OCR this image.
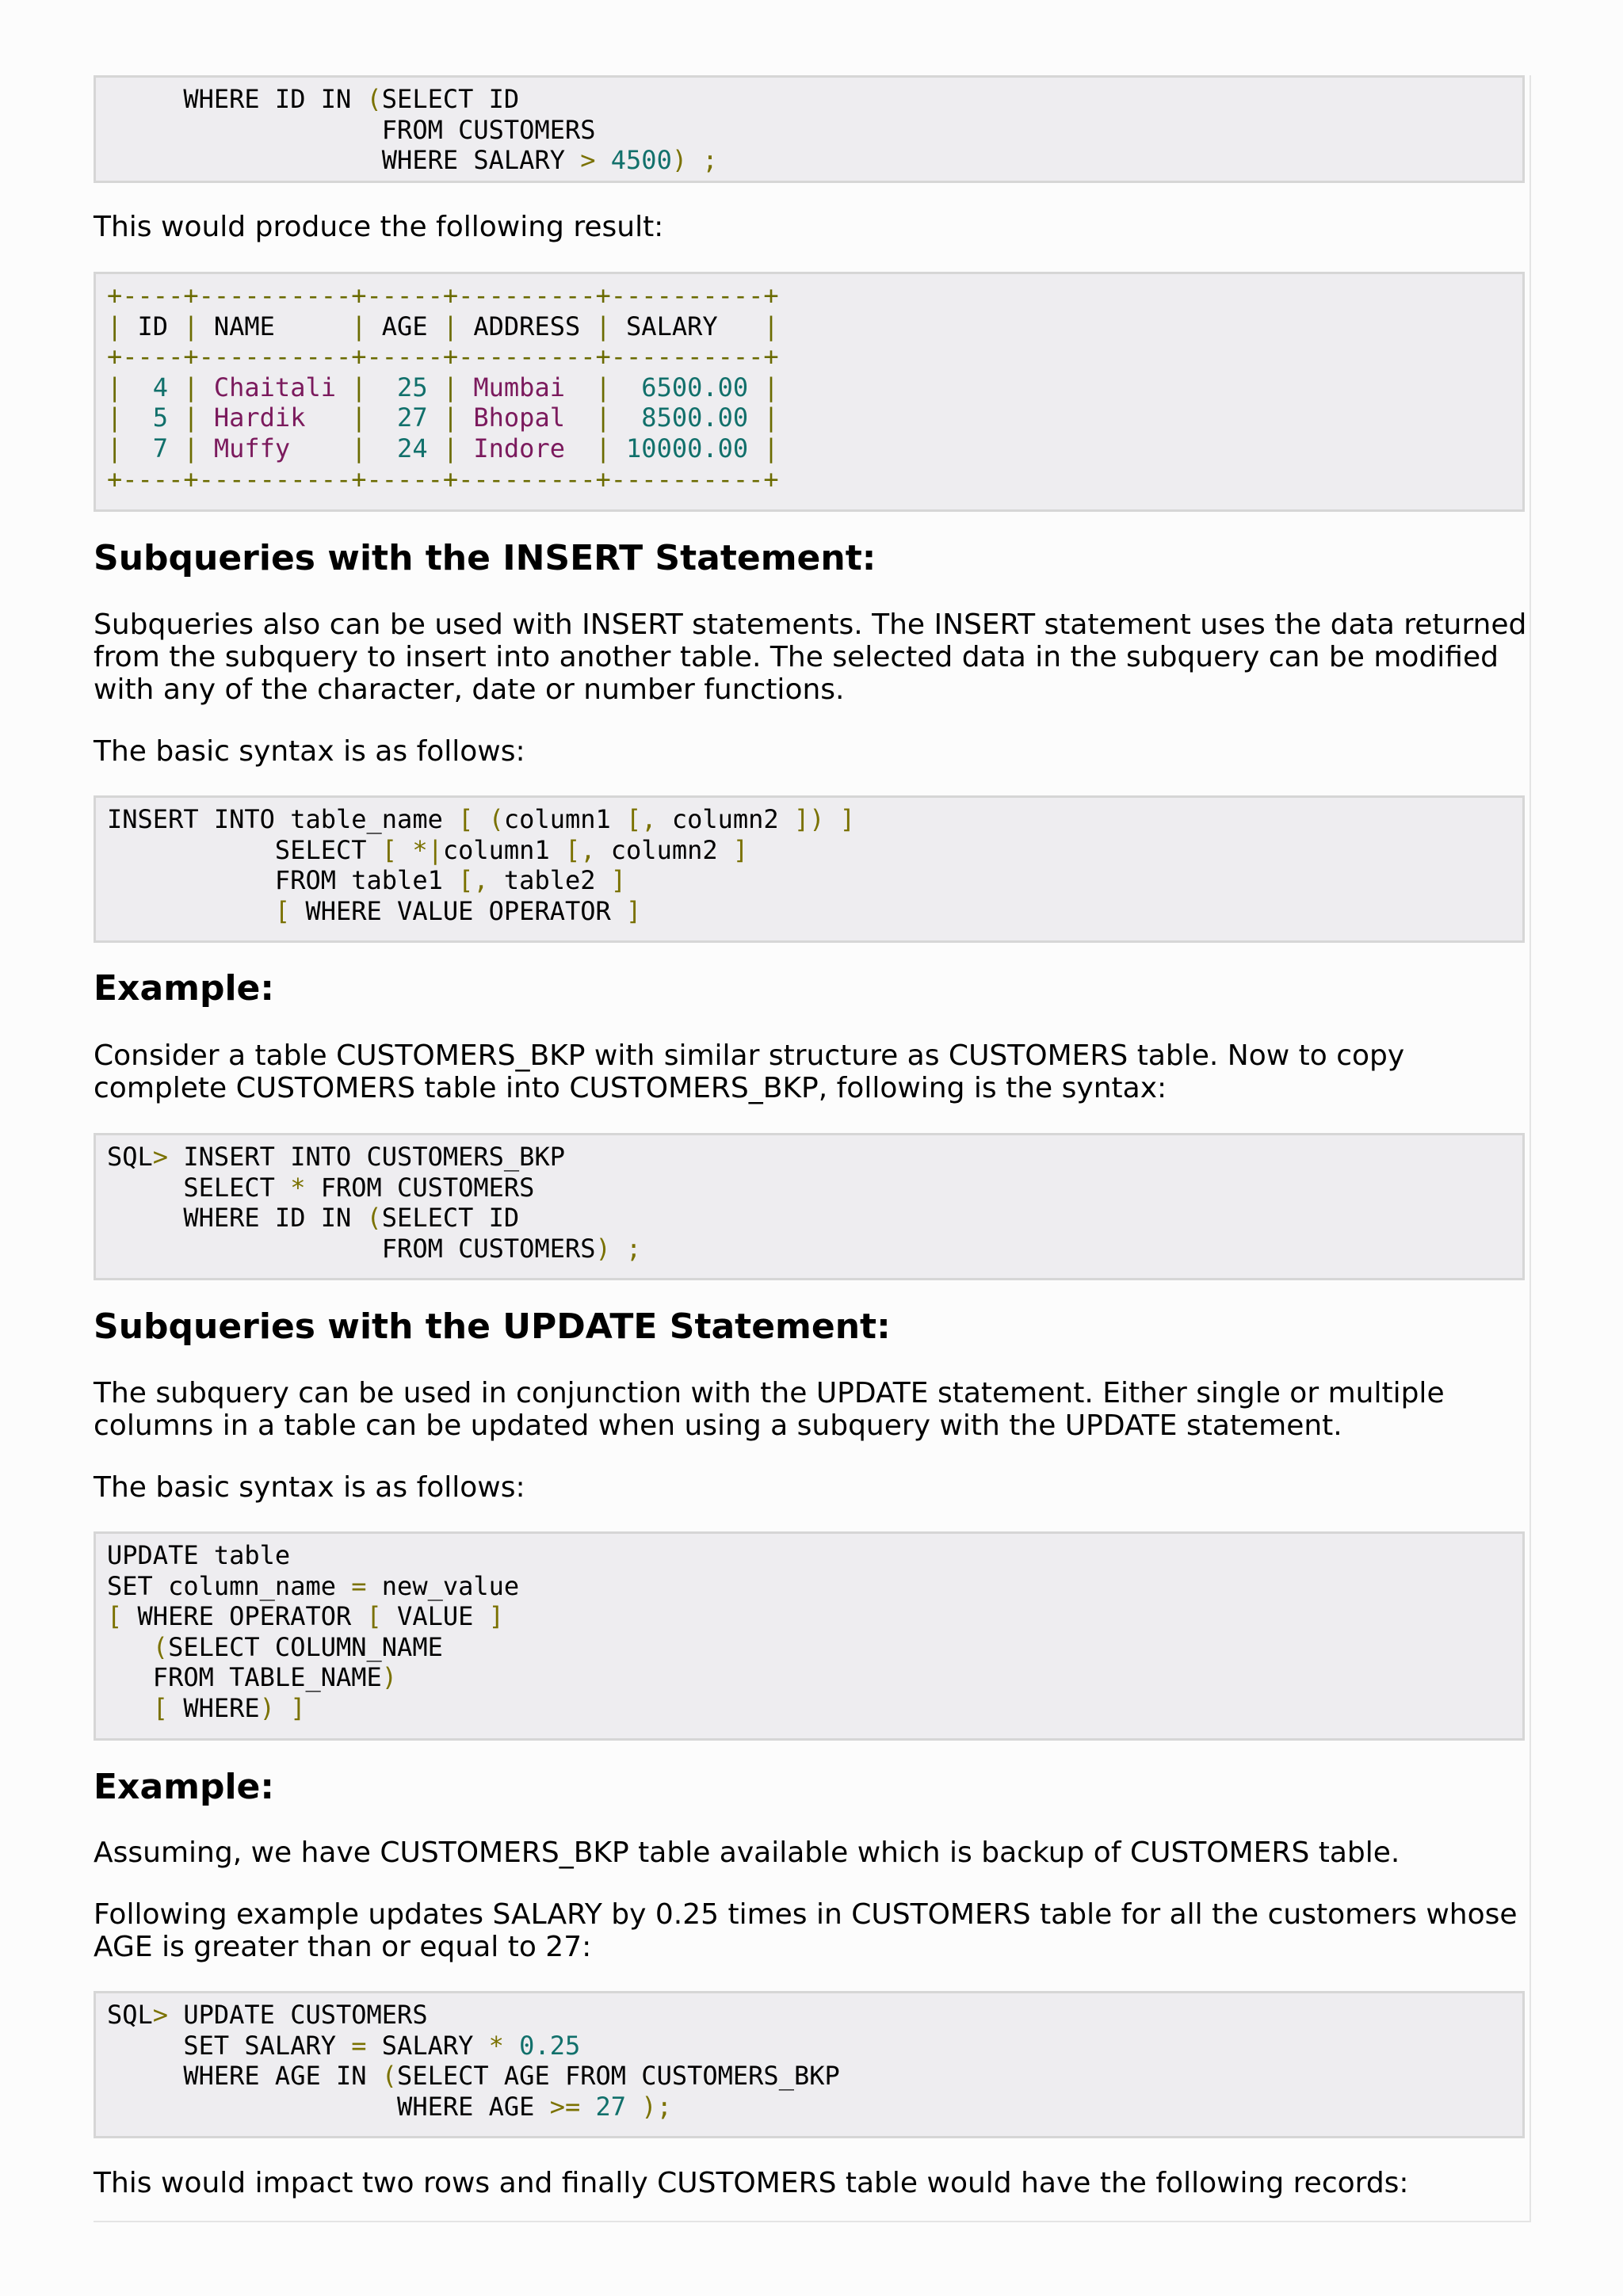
WHERE ID IN (SELECT ID
FROM CUSTOMERS
WHERE SALARY > 4500) ;

This would produce the following result:

+----+----------+-----+---------+----------+
| ID | NAME     | AGE | ADDRESS | SALARY   |
+----+----------+-----+---------+----------+
| 4 | Chaitali | 25 | Mumbai | 6500.00 |
| 5 | Hardik | 27 | Bhopal | 8500.00 |
| 7 | Muffy | 24 | Indore | 10000.00 |
+----+----------+-----+---------+----------+
Subqueries with the INSERT Statement:

Subqueries also can be used with INSERT statements. The INSERT statement uses the data returned from the subquery to insert into another table. The selected data in the subquery can be modified with any of the character, date or number functions.

The basic syntax is as follows:

INSERT INTO table_name [ (column1 [, column2 ]) ]
SELECT [ *|column1 [, column2 ]
FROM table1 [, table2 ]
[ WHERE VALUE OPERATOR ]
Example:

Consider a table CUSTOMERS_BKP with similar structure as CUSTOMERS table. Now to copy complete CUSTOMERS table into CUSTOMERS_BKP, following is the syntax:

SQL> INSERT INTO CUSTOMERS_BKP
SELECT * FROM CUSTOMERS
WHERE ID IN (SELECT ID
FROM CUSTOMERS) ;
Subqueries with the UPDATE Statement:

The subquery can be used in conjunction with the UPDATE statement. Either single or multiple columns in a table can be updated when using a subquery with the UPDATE statement.

The basic syntax is as follows:

UPDATE table
SET column_name = new_value
[ WHERE OPERATOR [ VALUE ]
(SELECT COLUMN_NAME
FROM TABLE_NAME)
[ WHERE) ]
Example:

Assuming, we have CUSTOMERS_BKP table available which is backup of CUSTOMERS table.

Following example updates SALARY by 0.25 times in CUSTOMERS table for all the customers whose AGE is greater than or equal to 27:

SQL> UPDATE CUSTOMERS
SET SALARY = SALARY * 0.25
WHERE AGE IN (SELECT AGE FROM CUSTOMERS_BKP
WHERE AGE >= 27 );

This would impact two rows and finally CUSTOMERS table would have the following records:
